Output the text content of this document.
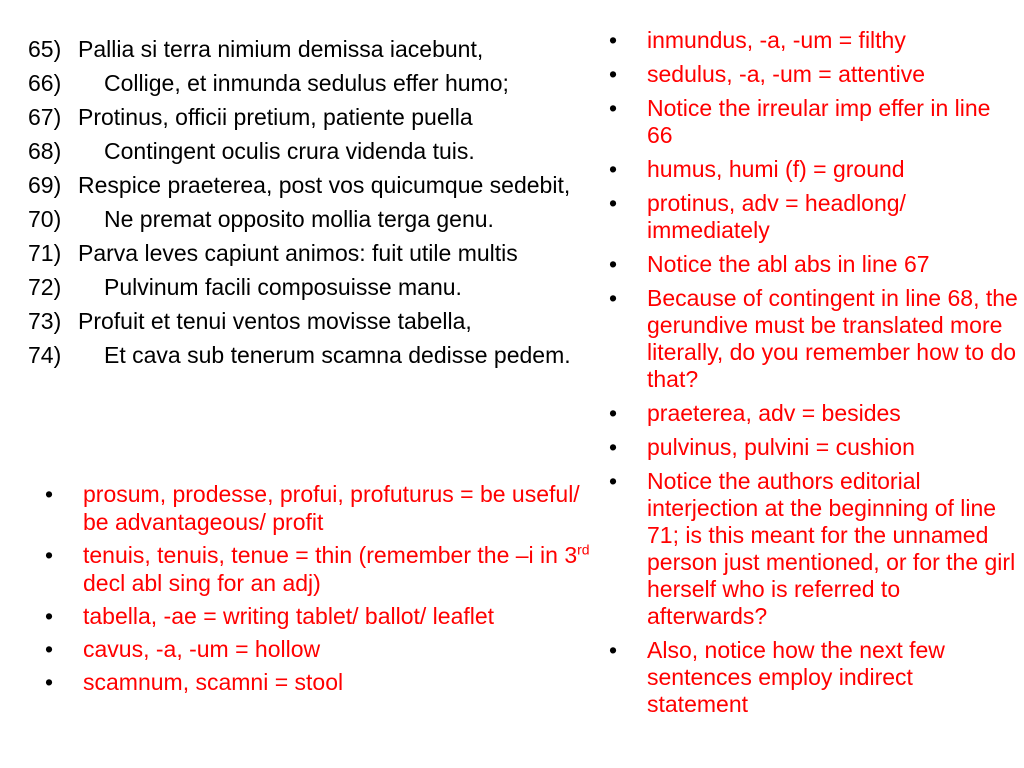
65) Pallia si terra nimium demissa iacebunt,
66)	Collige, et inmunda sedulus effer humo;
67) Protinus, officii pretium, patiente puella
68)	Contingent oculis crura videnda tuis.
69) Respice praeterea, post vos quicumque sedebit,
70)	Ne premat opposito mollia terga genu.
71) Parva leves capiunt animos: fuit utile multis
72)	Pulvinum facili composuisse manu.
73) Profuit et tenui ventos movisse tabella,
74)	Et cava sub tenerum scamna dedisse pedem.
• inmundus, -a, -um = filthy
• sedulus, -a, -um = attentive
• Notice the irreular imp effer in line 66
• humus, humi (f) = ground
• protinus, adv = headlong/ immediately
• Notice the abl abs in line 67
• Because of contingent in line 68, the gerundive must be translated more literally, do you remember how to do that?
• praeterea, adv = besides
• pulvinus, pulvini = cushion
• Notice the authors editorial interjection at the beginning of line 71; is this meant for the unnamed person just mentioned, or for the girl herself who is referred to afterwards?
• Also, notice how the next few sentences employ indirect statement
• prosum, prodesse, profui, profuturus = be useful/ be advantageous/ profit
• tenuis, tenuis, tenue = thin (remember the –i in 3rd decl abl sing for an adj)
• tabella, -ae = writing tablet/ ballot/ leaflet
• cavus, -a, -um = hollow
• scamnum, scamni = stool
